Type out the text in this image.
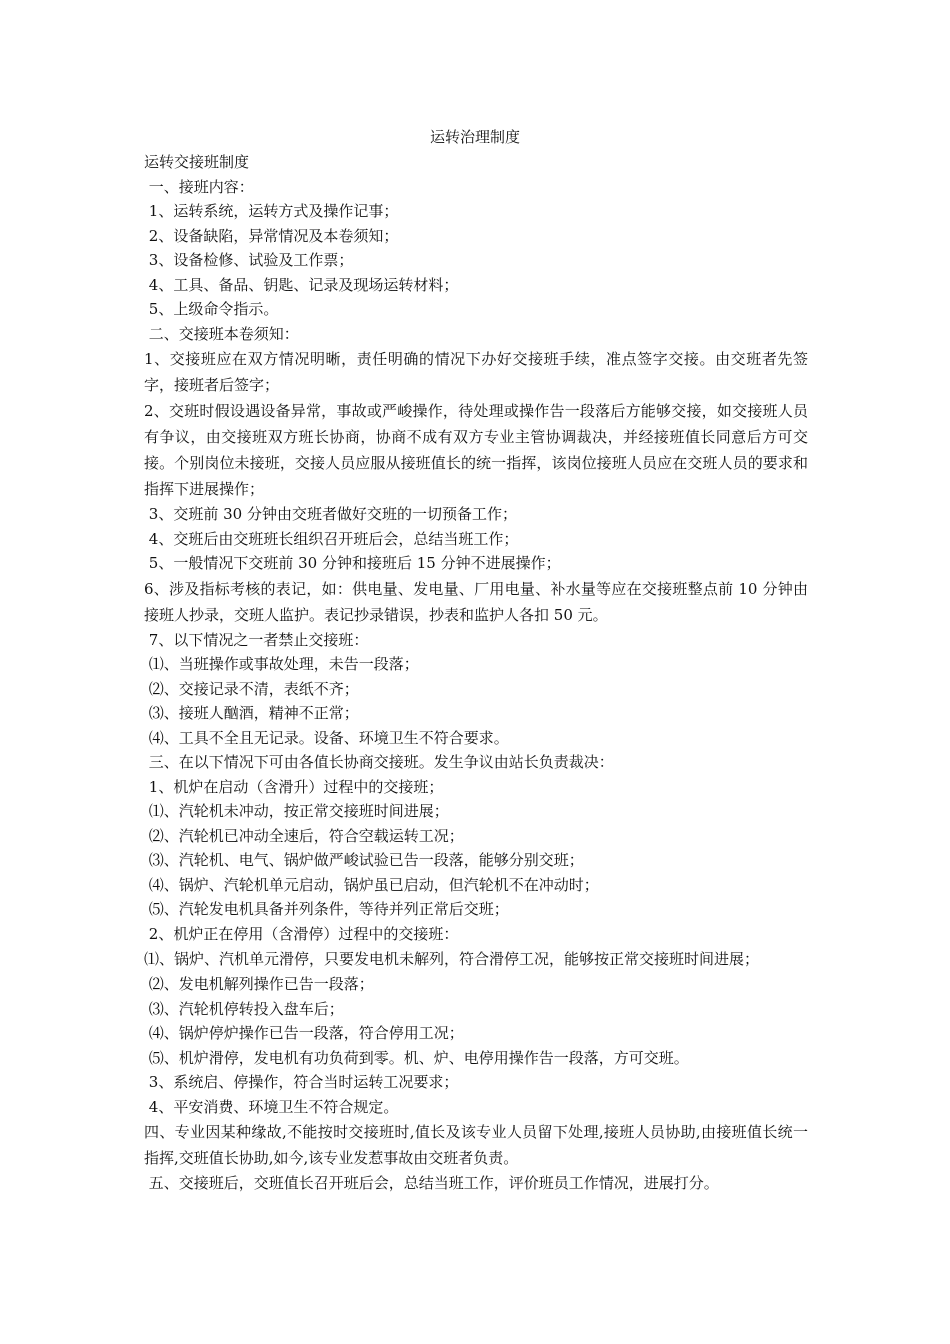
运转治理制度

运转交接班制度

一、接班内容：

1、运转系统，运转方式及操作记事；

2、设备缺陷，异常情况及本卷须知；

3、设备检修、试验及工作票；

4、工具、备品、钥匙、记录及现场运转材料；

5、上级命令指示。

二、交接班本卷须知：

1、交接班应在双方情况明晰，责任明确的情况下办好交接班手续，准点签字交接。由交班者先签字，接班者后签字；

2、交班时假设遇设备异常，事故或严峻操作，待处理或操作告一段落后方能够交接，如交接班人员有争议，由交接班双方班长协商，协商不成有双方专业主管协调裁决，并经接班值长同意后方可交接。个别岗位未接班，交接人员应服从接班值长的统一指挥，该岗位接班人员应在交班人员的要求和指挥下进展操作；

3、交班前 30 分钟由交班者做好交班的一切预备工作；

4、交班后由交班班长组织召开班后会，总结当班工作；

5、一般情况下交班前 30 分钟和接班后 15 分钟不进展操作；

6、涉及指标考核的表记，如：供电量、发电量、厂用电量、补水量等应在交接班整点前 10 分钟由接班人抄录，交班人监护。表记抄录错误，抄表和监护人各扣 50 元。

7、以下情况之一者禁止交接班：

⑴、当班操作或事故处理，未告一段落；

⑵、交接记录不清，表纸不齐；

⑶、接班人酗酒，精神不正常；

⑷、工具不全且无记录。设备、环境卫生不符合要求。

三、在以下情况下可由各值长协商交接班。发生争议由站长负责裁决：

1、机炉在启动（含滑升）过程中的交接班；

⑴、汽轮机未冲动，按正常交接班时间进展；

⑵、汽轮机已冲动全速后，符合空载运转工况；

⑶、汽轮机、电气、锅炉做严峻试验已告一段落，能够分别交班；

⑷、锅炉、汽轮机单元启动，锅炉虽已启动，但汽轮机不在冲动时；

⑸、汽轮发电机具备并列条件，等待并列正常后交班；

2、机炉正在停用（含滑停）过程中的交接班：

⑴、锅炉、汽机单元滑停，只要发电机未解列，符合滑停工况，能够按正常交接班时间进展；

⑵、发电机解列操作已告一段落；

⑶、汽轮机停转投入盘车后；

⑷、锅炉停炉操作已告一段落，符合停用工况；

⑸、机炉滑停，发电机有功负荷到零。机、炉、电停用操作告一段落，方可交班。

3、系统启、停操作，符合当时运转工况要求；

4、平安消费、环境卫生不符合规定。

四、专业因某种缘故,不能按时交接班时,值长及该专业人员留下处理,接班人员协助,由接班值长统一指挥,交班值长协助,如今,该专业发惹事故由交班者负责。

五、交接班后，交班值长召开班后会，总结当班工作，评价班员工作情况，进展打分。
